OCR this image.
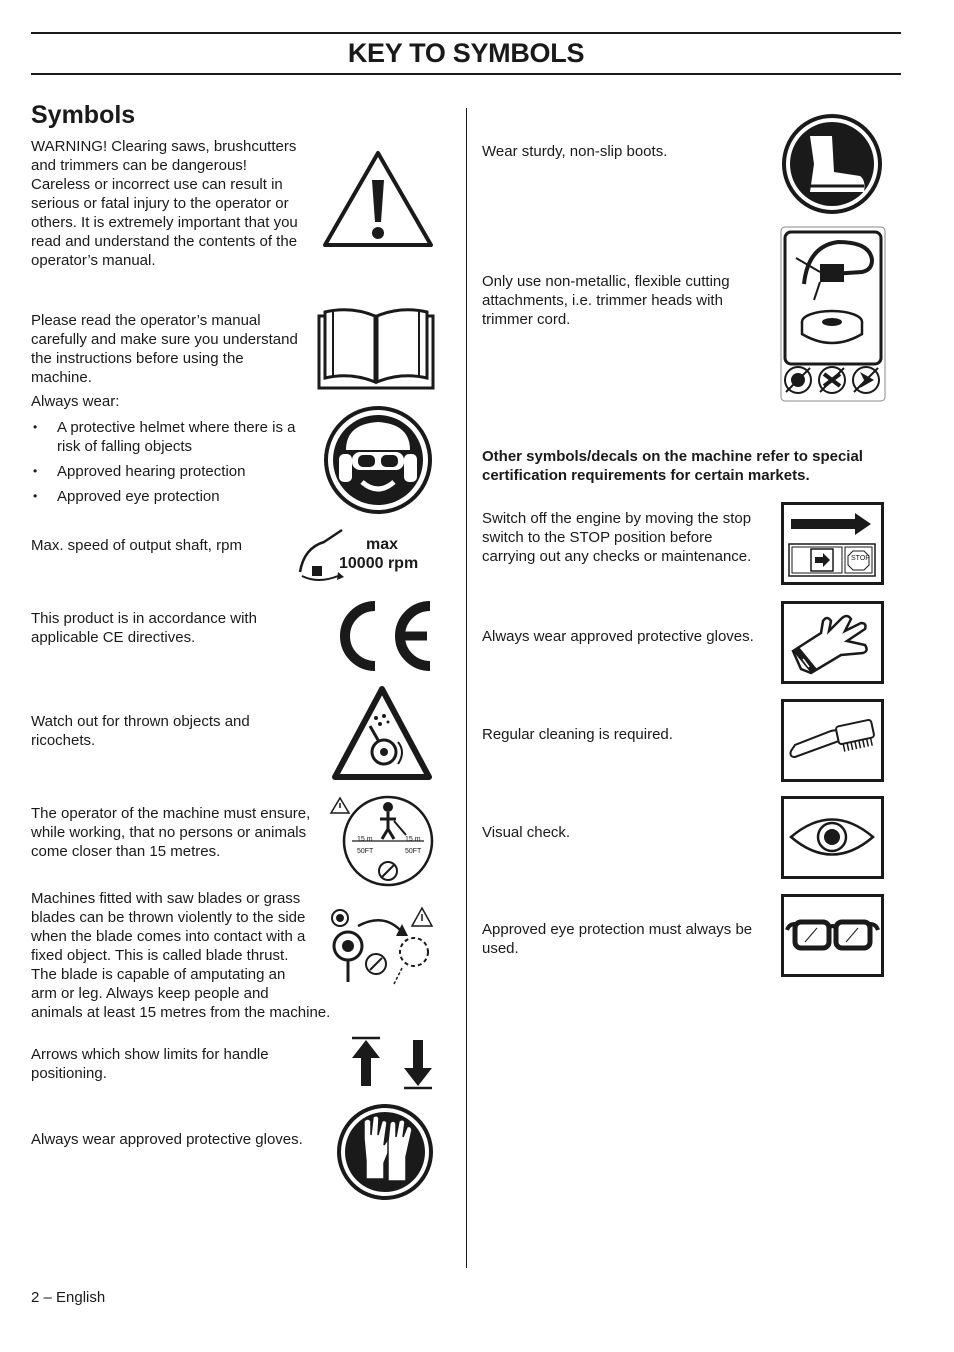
KEY TO SYMBOLS
Symbols

WARNING! Clearing saws, brushcutters and trimmers can be dangerous! Careless or incorrect use can result in serious or fatal injury to the operator or others. It is extremely important that you read and understand the contents of the operator’s manual.

Please read the operator’s manual carefully and make sure you understand the instructions before using the machine.

Always wear:

• A protective helmet where there is a risk of falling objects
• Approved hearing protection
• Approved eye protection

Max. speed of output shaft, rpm	max
10000 rpm

This product is in accordance with applicable CE directives.

Watch out for thrown objects and ricochets.

The operator of the machine must ensure, while working, that no persons or animals come closer than 15 metres.

15 m
50FT
15 m
50FT

Machines fitted with saw blades or grass blades can be thrown violently to the side when the blade comes into contact with a fixed object. This is called blade thrust. The blade is capable of amputating an arm or leg. Always keep people and animals at least 15 metres from the machine.

Arrows which show limits for handle positioning.

Always wear approved protective gloves.

Wear sturdy, non-slip boots.

Only use non-metallic, flexible cutting attachments, i.e. trimmer heads with trimmer cord.

Other symbols/decals on the machine refer to special certification requirements for certain markets.

Switch off the engine by moving the stop switch to the STOP position before carrying out any checks or maintenance.	STOP

Always wear approved protective gloves.

Regular cleaning is required.

Visual check.

Approved eye protection must always be used.

2 – English
